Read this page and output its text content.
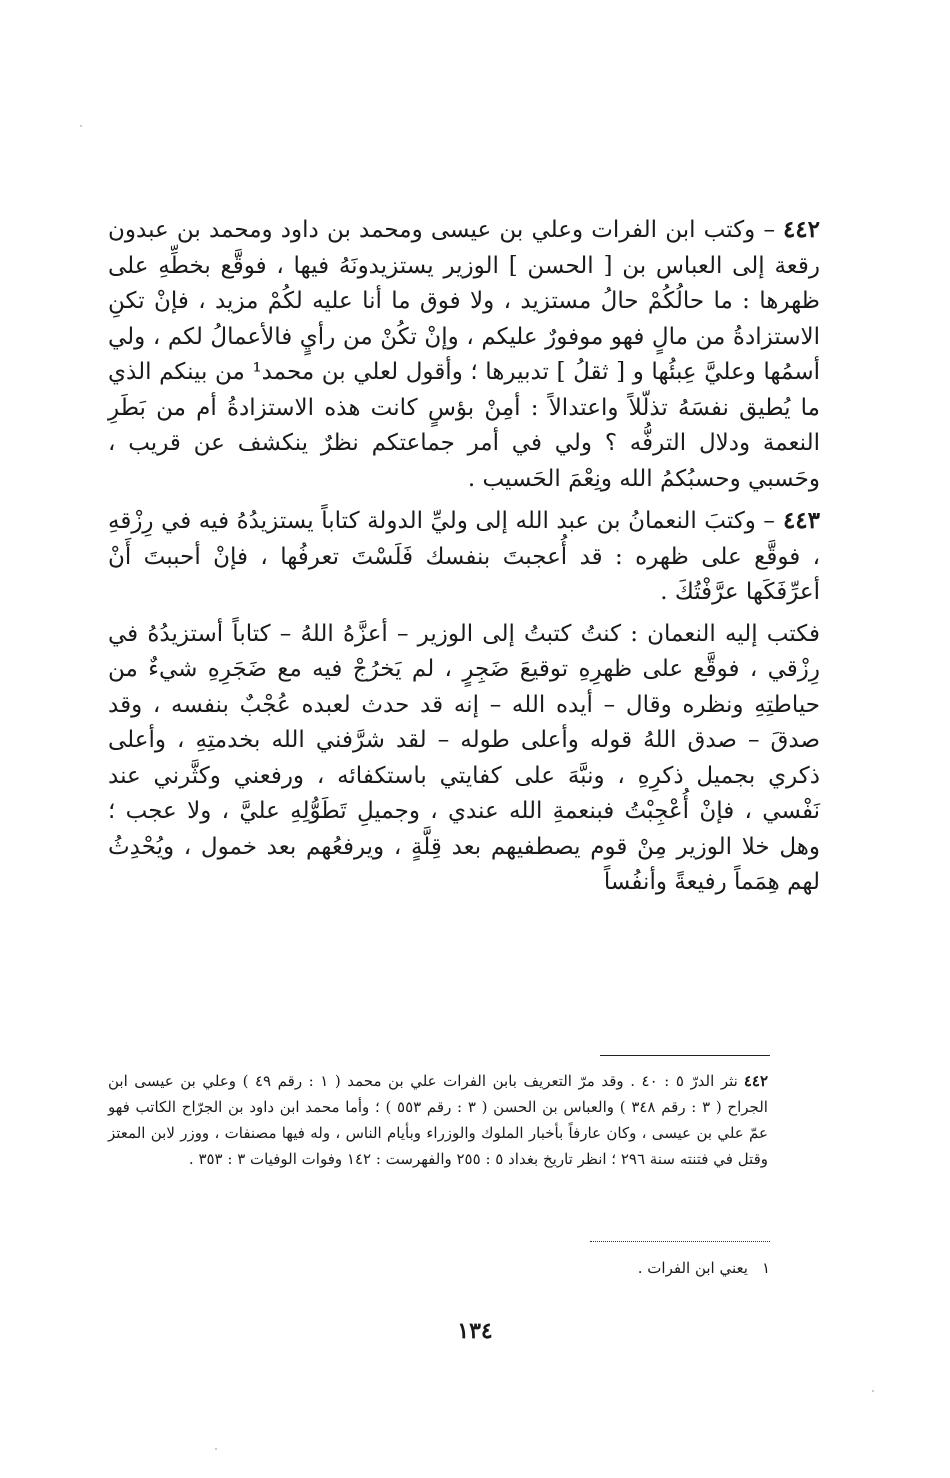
٤٤٢– وكتب ابن الفرات وعلي بن عيسى ومحمد بن داود ومحمد بن عبدون رقعة إلى العباس بن [ الحسن ] الوزير يستزيدونَهُ فيها ، فوقَّع بخطِّهِ على ظهرها : ما حالُكُمْ حالُ مستزيد ، ولا فوق ما أنا عليه لكُمْ مزيد ، فإنْ تكنِ الاستزادةُ من مالٍ فهو موفورٌ عليكم ، وإنْ تكُنْ من رأيٍ فالأعمالُ لكم ، ولي أسمُها وعليَّ عِبئُها و [ ثقلُ ] تدبيرها ؛ وأقول لعلي بن محمد¹ من بينكم الذي ما يُطيق نفسَهُ تذلّلاً واعتدالاً : أمِنْ بؤسٍ كانت هذه الاستزادةُ أم من بَطَرِ النعمة ودلال الترفُّه ؟ ولي في أمر جماعتكم نظرٌ ينكشف عن قريب ، وحَسبي وحسبُكمُ الله ونِعْمَ الحَسيب .

٤٤٣– وكتبَ النعمانُ بن عبد الله إلى وليِّ الدولة كتاباً يستزيدُهُ فيه في رِزْقهِ ، فوقَّع على ظهره : قد أُعجبتَ بنفسك فَلَسْتَ تعرفُها ، فإنْ أحببتَ أَنْ أعرِّفَكَها عرَّفْتُكَ .

فكتب إليه النعمان : كنتُ كتبتُ إلى الوزير – أعزَّهُ اللهُ – كتاباً أستزيدُهُ في رِزْقي ، فوقَّع على ظهرِهِ توقيعَ ضَجِرٍ ، لم يَخرُجْ فيه مع ضَجَرِهِ شيءٌ من حياطتِهِ ونظره وقال – أيده الله – إنه قد حدث لعبده عُجْبٌ بنفسه ، وقد صدقَ – صدق اللهُ قوله وأعلى طوله – لقد شرَّفني الله بخدمتِهِ ، وأعلى ذكري بجميل ذكرِهِ ، ونبَّهَ على كفايتي باستكفائه ، ورفعني وكثَّرني عند نَفْسي ، فإنْ أُعْجِبْتُ فبنعمةِ الله عندي ، وجميلِ تَطَوُّلِهِ عليَّ ، ولا عجب ؛ وهل خلا الوزير مِنْ قوم يصطفيهم بعد قِلَّةٍ ، ويرفعُهم بعد خمول ، ويُحْدِثُ لهم هِمَماً رفيعةً وأنفُساً

٤٤٢نثر الدرّ ٥ : ٤٠ . وقد مرّ التعريف بابن الفرات علي بن محمد ( ١ : رقم ٤٩ ) وعلي بن عيسى ابن الجراح ( ٣ : رقم ٣٤٨ ) والعباس بن الحسن ( ٣ : رقم ٥٥٣ ) ؛ وأما محمد ابن داود بن الجرّاح الكاتب فهو عمّ علي بن عيسى ، وكان عارفاً بأخبار الملوك والوزراء وبأيام الناس ، وله فيها مصنفات ، ووزر لابن المعتز وقتل في فتنته سنة ٢٩٦ ؛ انظر تاريخ بغداد ٥ : ٢٥٥ والفهرست : ١٤٢ وفوات الوفيات ٣ : ٣٥٣ .
١يعني ابن الفرات .
١٣٤
